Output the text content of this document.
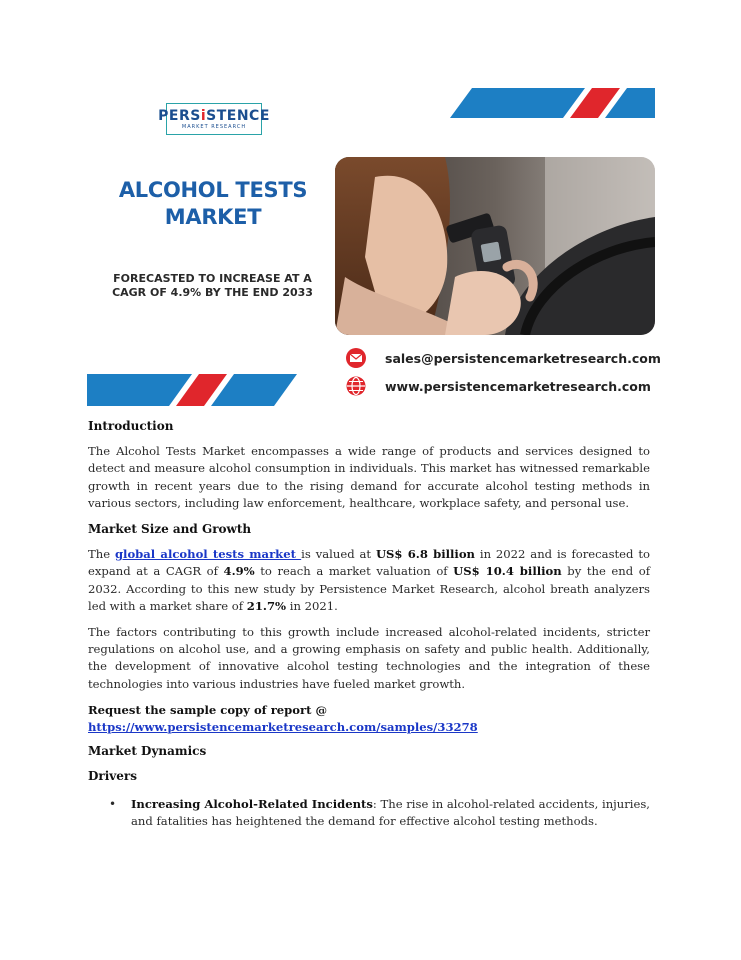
PERSiSTENCE
MARKET RESEARCH
ALCOHOL TESTS
MARKET
FORECASTED TO INCREASE AT A CAGR OF 4.9% BY THE END 2033
sales@persistencemarketresearch.com
www.persistencemarketresearch.com
Introduction

The Alcohol Tests Market encompasses a wide range of products and services designed to detect and measure alcohol consumption in individuals. This market has witnessed remarkable growth in recent years due to the rising demand for accurate alcohol testing methods in various sectors, including law enforcement, healthcare, workplace safety, and personal use.

Market Size and Growth

The global alcohol tests market is valued at US$ 6.8 billion in 2022 and is forecasted to expand at a CAGR of 4.9% to reach a market valuation of US$ 10.4 billion by the end of 2032. According to this new study by Persistence Market Research, alcohol breath analyzers led with a market share of 21.7% in 2021.

The factors contributing to this growth include increased alcohol-related incidents, stricter regulations on alcohol use, and a growing emphasis on safety and public health. Additionally, the development of innovative alcohol testing technologies and the integration of these technologies into various industries have fueled market growth.

Request the sample copy of report @
https://www.persistencemarketresearch.com/samples/33278
Market Dynamics
Drivers
• Increasing Alcohol-Related Incidents: The rise in alcohol-related accidents, injuries, and fatalities has heightened the demand for effective alcohol testing methods.
